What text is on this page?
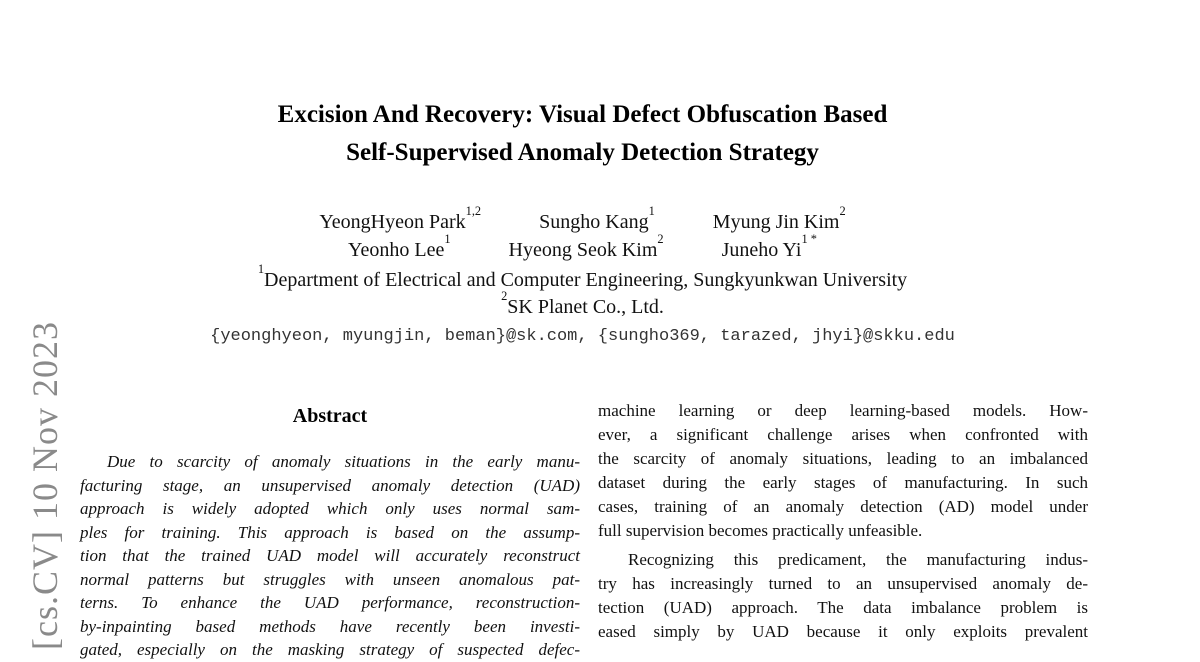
[cs.CV] 10 Nov 2023
Excision And Recovery: Visual Defect Obfuscation Based
Self-Supervised Anomaly Detection Strategy
YeongHyeon Park$^{1,2}$
Sungho Kang$^1$
Myung Jin Kim$^2$
Yeonho Lee$^1$
Hyeong Seok Kim$^2$
Juneho $Yi^{1 *}$
$^1$Department of Electrical and Computer Engineering, Sungkyunkwan University
$^2$SK Planet Co., Ltd.
{yeonghyeon, myungjin, beman}@sk.com, {sungho369, tarazed, jhyi}@skku.edu
Abstract
Due to scarcity of anomaly situations in the early manu-
facturing stage, an unsupervised anomaly detection (UAD)
approach is widely adopted which only uses normal sam-
ples for training. This approach is based on the assump-
tion that the trained UAD model will accurately reconstruct
normal patterns but struggles with unseen anomalous pat-
terns. To enhance the UAD performance, reconstruction-
by-inpainting based methods have recently been investi-
gated, especially on the masking strategy of suspected defec-
machine learning or deep learning-based models. How-
ever, a significant challenge arises when confronted with
the scarcity of anomaly situations, leading to an imbalanced
dataset during the early stages of manufacturing. In such
cases, training of an anomaly detection (AD) model under
full supervision becomes practically unfeasible.
Recognizing this predicament, the manufacturing indus-
try has increasingly turned to an unsupervised anomaly de-
tection (UAD) approach. The data imbalance problem is
eased simply by UAD because it only exploits prevalent
